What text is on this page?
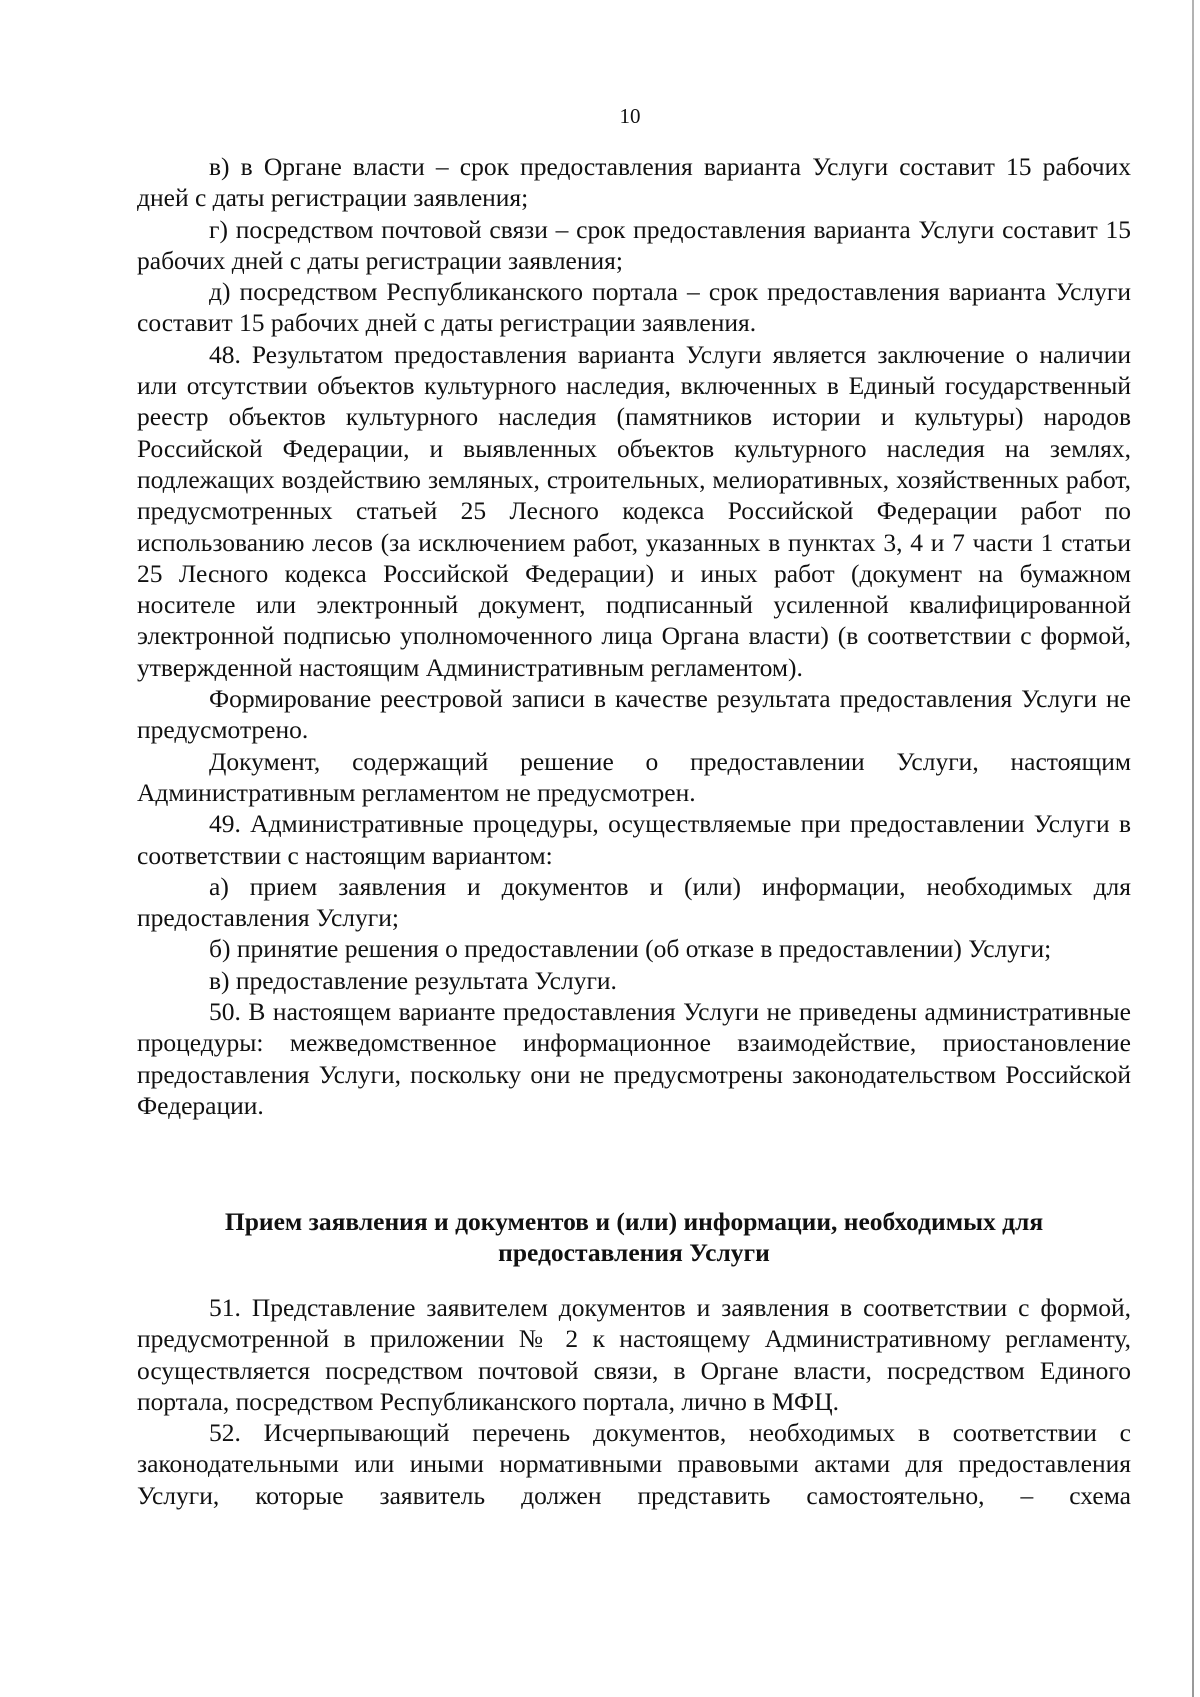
10

в) в Органе власти – срок предоставления варианта Услуги составит 15 рабочих дней с даты регистрации заявления;

г) посредством почтовой связи – срок предоставления варианта Услуги составит 15 рабочих дней с даты регистрации заявления;

д) посредством Республиканского портала – срок предоставления варианта Услуги составит 15 рабочих дней с даты регистрации заявления.

48. Результатом предоставления варианта Услуги является заключение о наличии или отсутствии объектов культурного наследия, включенных в Единый государственный реестр объектов культурного наследия (памятников истории и культуры) народов Российской Федерации, и выявленных объектов культурного наследия на землях, подлежащих воздействию земляных, строительных, мелиоративных, хозяйственных работ, предусмотренных статьей 25 Лесного кодекса Российской Федерации работ по использованию лесов (за исключением работ, указанных в пунктах 3, 4 и 7 части 1 статьи 25 Лесного кодекса Российской Федерации) и иных работ (документ на бумажном носителе или электронный документ, подписанный усиленной квалифицированной электронной подписью уполномоченного лица Органа власти) (в соответствии с формой, утвержденной настоящим Административным регламентом).

Формирование реестровой записи в качестве результата предоставления Услуги не предусмотрено.

Документ, содержащий решение о предоставлении Услуги, настоящим Административным регламентом не предусмотрен.

49. Административные процедуры, осуществляемые при предоставлении Услуги в соответствии с настоящим вариантом:

а) прием заявления и документов и (или) информации, необходимых для предоставления Услуги;

б) принятие решения о предоставлении (об отказе в предоставлении) Услуги;

в) предоставление результата Услуги.

50. В настоящем варианте предоставления Услуги не приведены административные процедуры: межведомственное информационное взаимодействие, приостановление предоставления Услуги, поскольку они не предусмотрены законодательством Российской Федерации.

Прием заявления и документов и (или) информации, необходимых для
предоставления Услуги

51. Представление заявителем документов и заявления в соответствии с формой, предусмотренной в приложении № 2 к настоящему Административному регламенту, осуществляется посредством почтовой связи, в Органе власти, посредством Единого портала, посредством Республиканского портала, лично в МФЦ.

52. Исчерпывающий перечень документов, необходимых в соответствии с законодательными или иными нормативными правовыми актами для предоставления Услуги, которые заявитель должен представить самостоятельно, – схема
